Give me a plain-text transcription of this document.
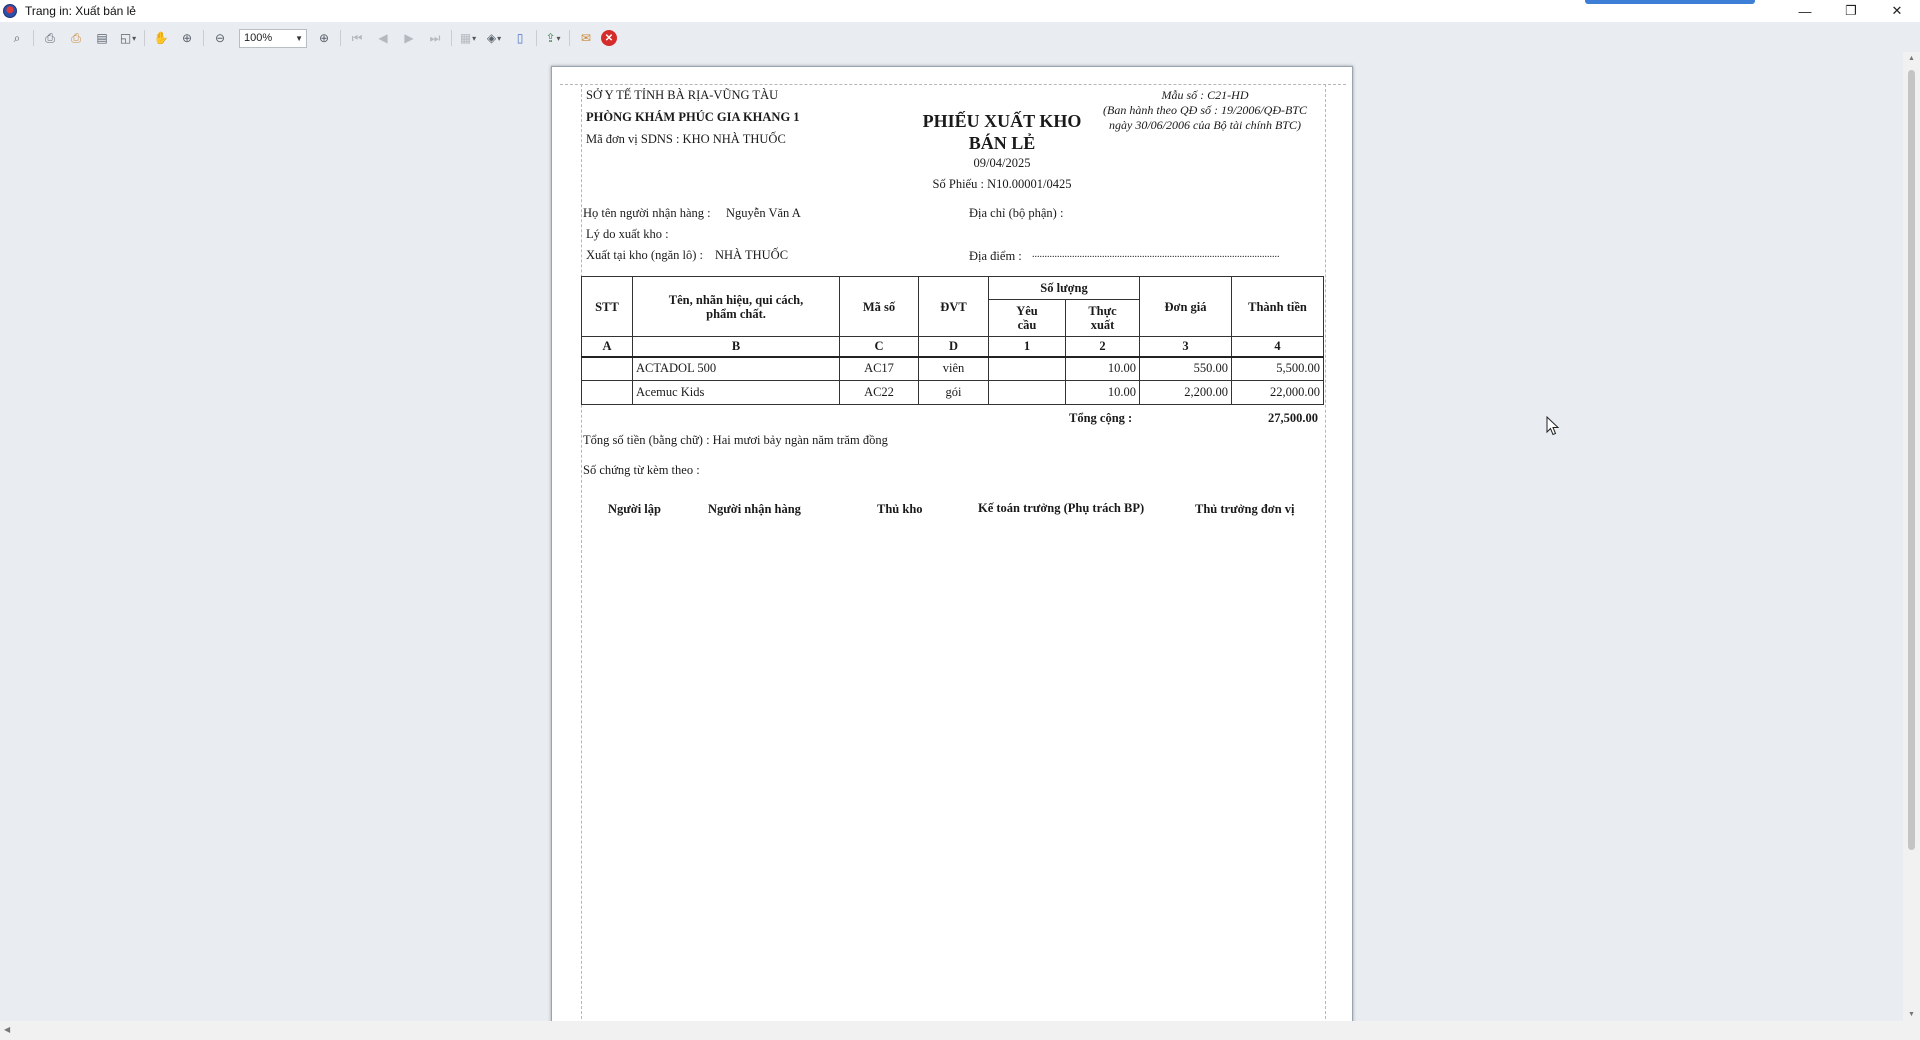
Trang in: Xuất bán lẻ	—	❐	✕
⌕	⎙	⎙	▤	◱ ▾	✋	⊕	⊖	100%	▼	⊕	⏮	◀	▶	⏭	▦ ▾	◈ ▾	▯	⇪ ▾	✉	✕
SỞ Y TẾ TỈNH BÀ RỊA-VŨNG TÀU
PHÒNG KHÁM PHÚC GIA KHANG 1
Mã đơn vị SDNS : KHO NHÀ THUỐC
Mẫu số : C21-HD
(Ban hành theo QĐ số : 19/2006/QĐ-BTC
ngày 30/06/2006 của Bộ tài chính BTC)
PHIẾU XUẤT KHO
BÁN LẺ
09/04/2025
Số Phiếu : N10.00001/0425
Họ tên người nhận hàng : Nguyễn Văn A	Địa chỉ (bộ phận) :
Lý do xuất kho :
Xuất tại kho (ngăn lô) : NHÀ THUỐC	Địa điểm : ...................................................................................................
STT	Tên, nhãn hiệu, qui cách, phẩm chất.	Mã số	ĐVT	Số lượng		Đơn giá	Thành tiền
				Yêu cầu	Thực xuất		
A	B	C	D	1	2	3	4
	ACTADOL 500	AC17	viên		10.00	550.00	5,500.00
	Acemuc Kids	AC22	gói		10.00	2,200.00	22,000.00
Tổng cộng :	27,500.00
Tổng số tiền (bằng chữ) : Hai mươi bảy ngàn năm trăm đồng
Số chứng từ kèm theo :
Người lập	Người nhận hàng	Thủ kho	Kế toán trưởng (Phụ trách BP)	Thủ trưởng đơn vị
▲
▼
◀
